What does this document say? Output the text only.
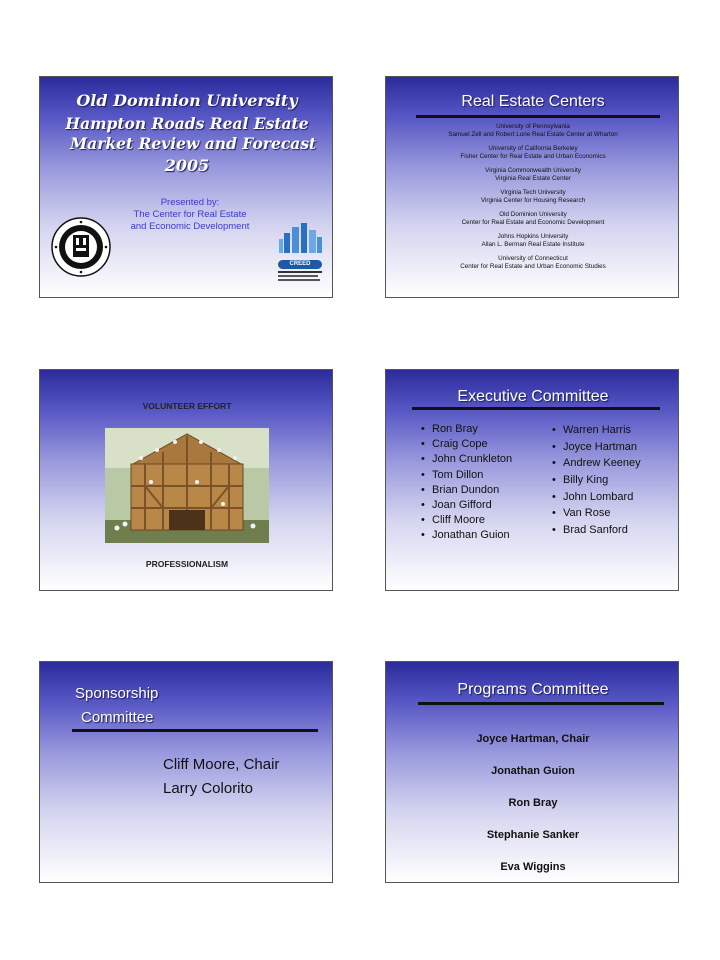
Old Dominion University
Hampton Roads Real Estate
Market Review and Forecast
2005
Presented by:
The Center for Real Estate
and Economic Development
CREED
Real Estate Centers
University of Pennsylvania
Samuel Zell and Robert Lurie Real Estate Center at Wharton
University of California Berkeley
Fisher Center for Real Estate and Urban Economics
Virginia Commonwealth University
Virginia Real Estate Center
Virginia Tech University
Virginia Center for Housing Research
Old Dominion University
Center for Real Estate and Economic Development
Johns Hopkins University
Allan L. Berman Real Estate Institute
University of Connecticut
Center for Real Estate and Urban Economic Studies
VOLUNTEER EFFORT
PROFESSIONALISM
Executive Committee
• Ron Bray
• Craig Cope
• John Crunkleton
• Tom Dillon
• Brian Dundon
• Joan Gifford
• Cliff Moore
• Jonathan Guion
• Warren Harris
• Joyce Hartman
• Andrew Keeney
• Billy King
• John Lombard
• Van Rose
• Brad Sanford
Sponsorship
Committee
Cliff Moore, Chair
Larry Colorito
Programs Committee
Joyce Hartman, Chair
Jonathan Guion
Ron Bray
Stephanie Sanker
Eva Wiggins
